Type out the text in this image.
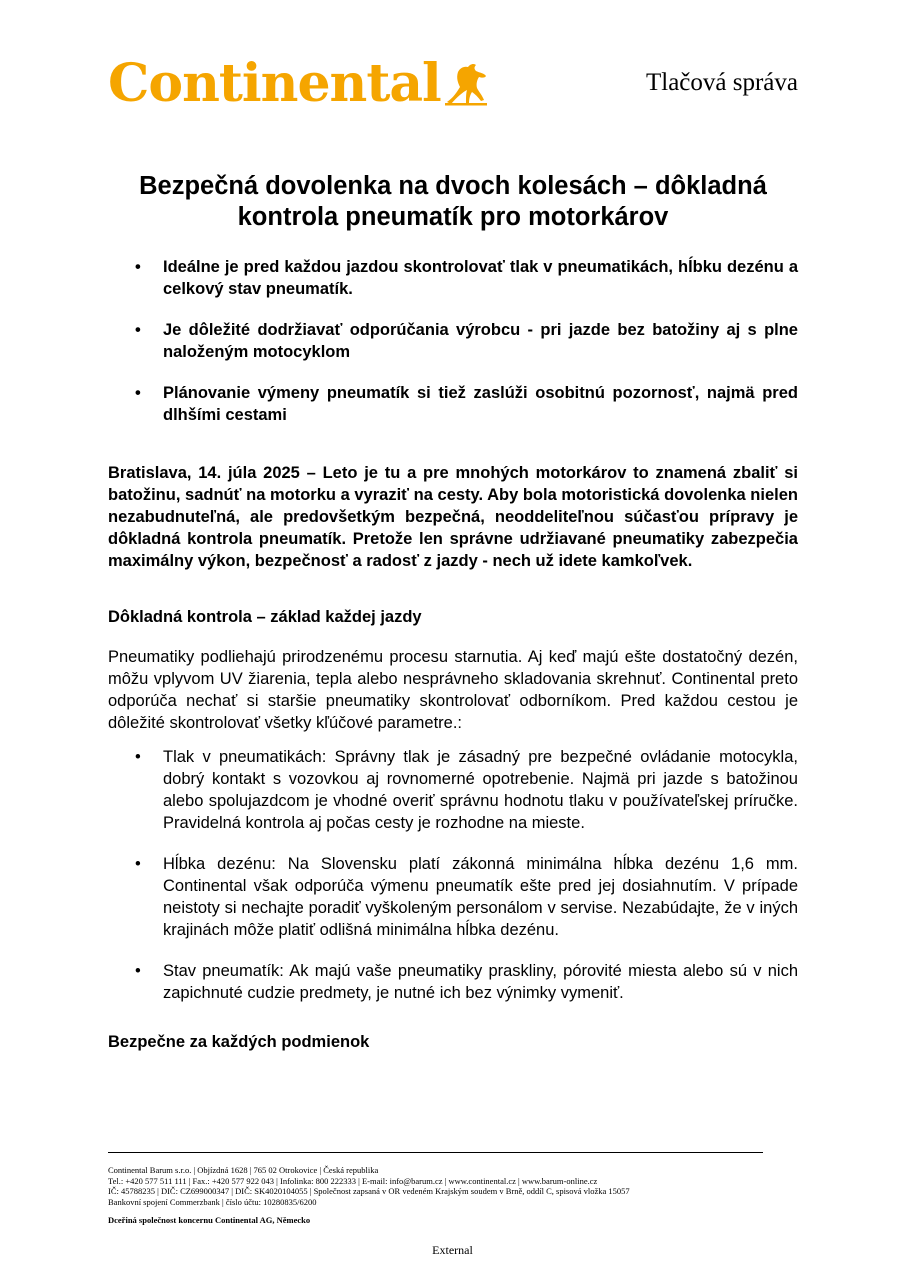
Continental	Tlačová správa
Bezpečná dovolenka na dvoch kolesách – dôkladná kontrola pneumatík pro motorkárov
• Ideálne je pred každou jazdou skontrolovať tlak v pneumatikách, hĺbku dezénu a celkový stav pneumatík.
• Je dôležité dodržiavať odporúčania výrobcu - pri jazde bez batožiny aj s plne naloženým motocyklom
• Plánovanie výmeny pneumatík si tiež zaslúži osobitnú pozornosť, najmä pred dlhšími cestami

Bratislava, 14. júla 2025 – Leto je tu a pre mnohých motorkárov to znamená zbaliť si batožinu, sadnúť na motorku a vyraziť na cesty. Aby bola motoristická dovolenka nielen nezabudnuteľná, ale predovšetkým bezpečná, neoddeliteľnou súčasťou prípravy je dôkladná kontrola pneumatík. Pretože len správne udržiavané pneumatiky zabezpečia maximálny výkon, bezpečnosť a radosť z jazdy - nech už idete kamkoľvek.

Dôkladná kontrola – základ každej jazdy

Pneumatiky podliehajú prirodzenému procesu starnutia. Aj keď majú ešte dostatočný dezén, môžu vplyvom UV žiarenia, tepla alebo nesprávneho skladovania skrehnuť. Continental preto odporúča nechať si staršie pneumatiky skontrolovať odborníkom. Pred každou cestou je dôležité skontrolovať všetky kľúčové parametre.:

• Tlak v pneumatikách: Správny tlak je zásadný pre bezpečné ovládanie motocykla, dobrý kontakt s vozovkou aj rovnomerné opotrebenie. Najmä pri jazde s batožinou alebo spolujazdcom je vhodné overiť správnu hodnotu tlaku v používateľskej príručke. Pravidelná kontrola aj počas cesty je rozhodne na mieste.
• Hĺbka dezénu: Na Slovensku platí zákonná minimálna hĺbka dezénu 1,6 mm. Continental však odporúča výmenu pneumatík ešte pred jej dosiahnutím. V prípade neistoty si nechajte poradiť vyškoleným personálom v servise. Nezabúdajte, že v iných krajinách môže platiť odlišná minimálna hĺbka dezénu.
• Stav pneumatík: Ak majú vaše pneumatiky praskliny, pórovité miesta alebo sú v nich zapichnuté cudzie predmety, je nutné ich bez výnimky vymeniť.
Bezpečne za každých podmienok
Continental Barum s.r.o. | Objízdná 1628 | 765 02 Otrokovice | Česká republika
Tel.: +420 577 511 111 | Fax.: +420 577 922 043 | Infolinka: 800 222333 | E-mail: info@barum.cz | www.continental.cz | www.barum-online.cz
IČ: 45788235 | DIČ: CZ699000347 | DIČ: SK4020104055 | Společnost zapsaná v OR vedeném Krajským soudem v Brně, oddíl C, spisová vložka 15057
Bankovní spojení Commerzbank | číslo účtu: 10280835/6200
Dceřiná společnost koncernu Continental AG, Německo
External
